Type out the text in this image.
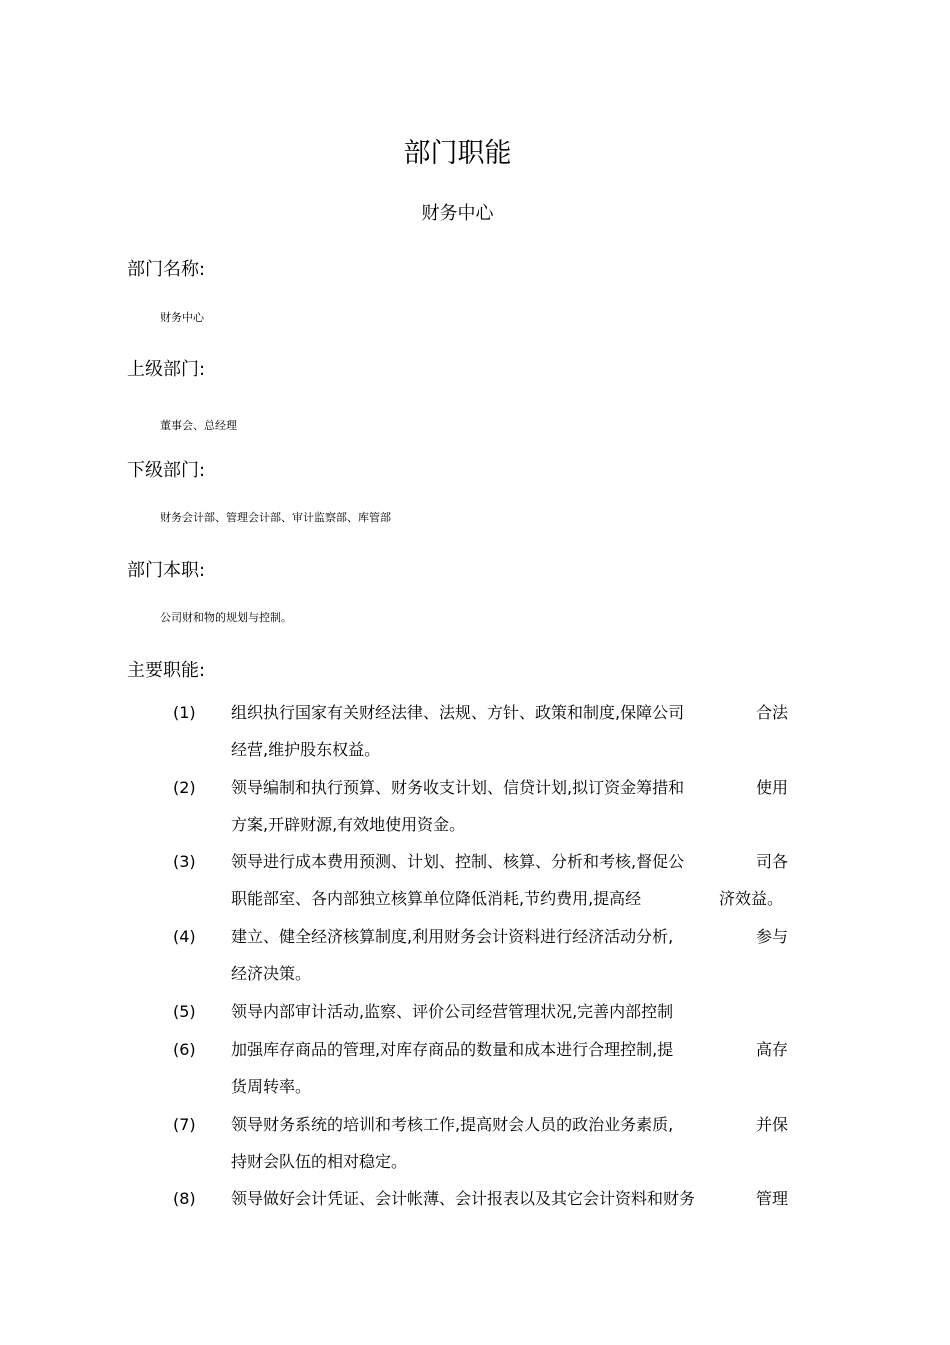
部门职能
财务中心
部门名称:
财务中心
上级部门:
董事会、总经理
下级部门:
财务会计部、管理会计部、审计监察部、库管部
部门本职:
公司财和物的规划与控制。
主要职能:
(1) 组织执行国家有关财经法律、法规、方针、政策和制度,保障公司	合法
经营,维护股东权益。
(2) 领导编制和执行预算、财务收支计划、信贷计划,拟订资金筹措和	使用
方案,开辟财源,有效地使用资金。
(3) 领导进行成本费用预测、计划、控制、核算、分析和考核,督促公	司各
职能部室、各内部独立核算单位降低消耗,节约费用,提高经	济效益。
(4) 建立、健全经济核算制度,利用财务会计资料进行经济活动分析,	参与
经济决策。
(5) 领导内部审计活动,监察、评价公司经营管理状况,完善内部控制
(6) 加强库存商品的管理,对库存商品的数量和成本进行合理控制,提	高存
货周转率。
(7) 领导财务系统的培训和考核工作,提高财会人员的政治业务素质,	并保
持财会队伍的相对稳定。
(8) 领导做好会计凭证、会计帐薄、会计报表以及其它会计资料和财务	管理
